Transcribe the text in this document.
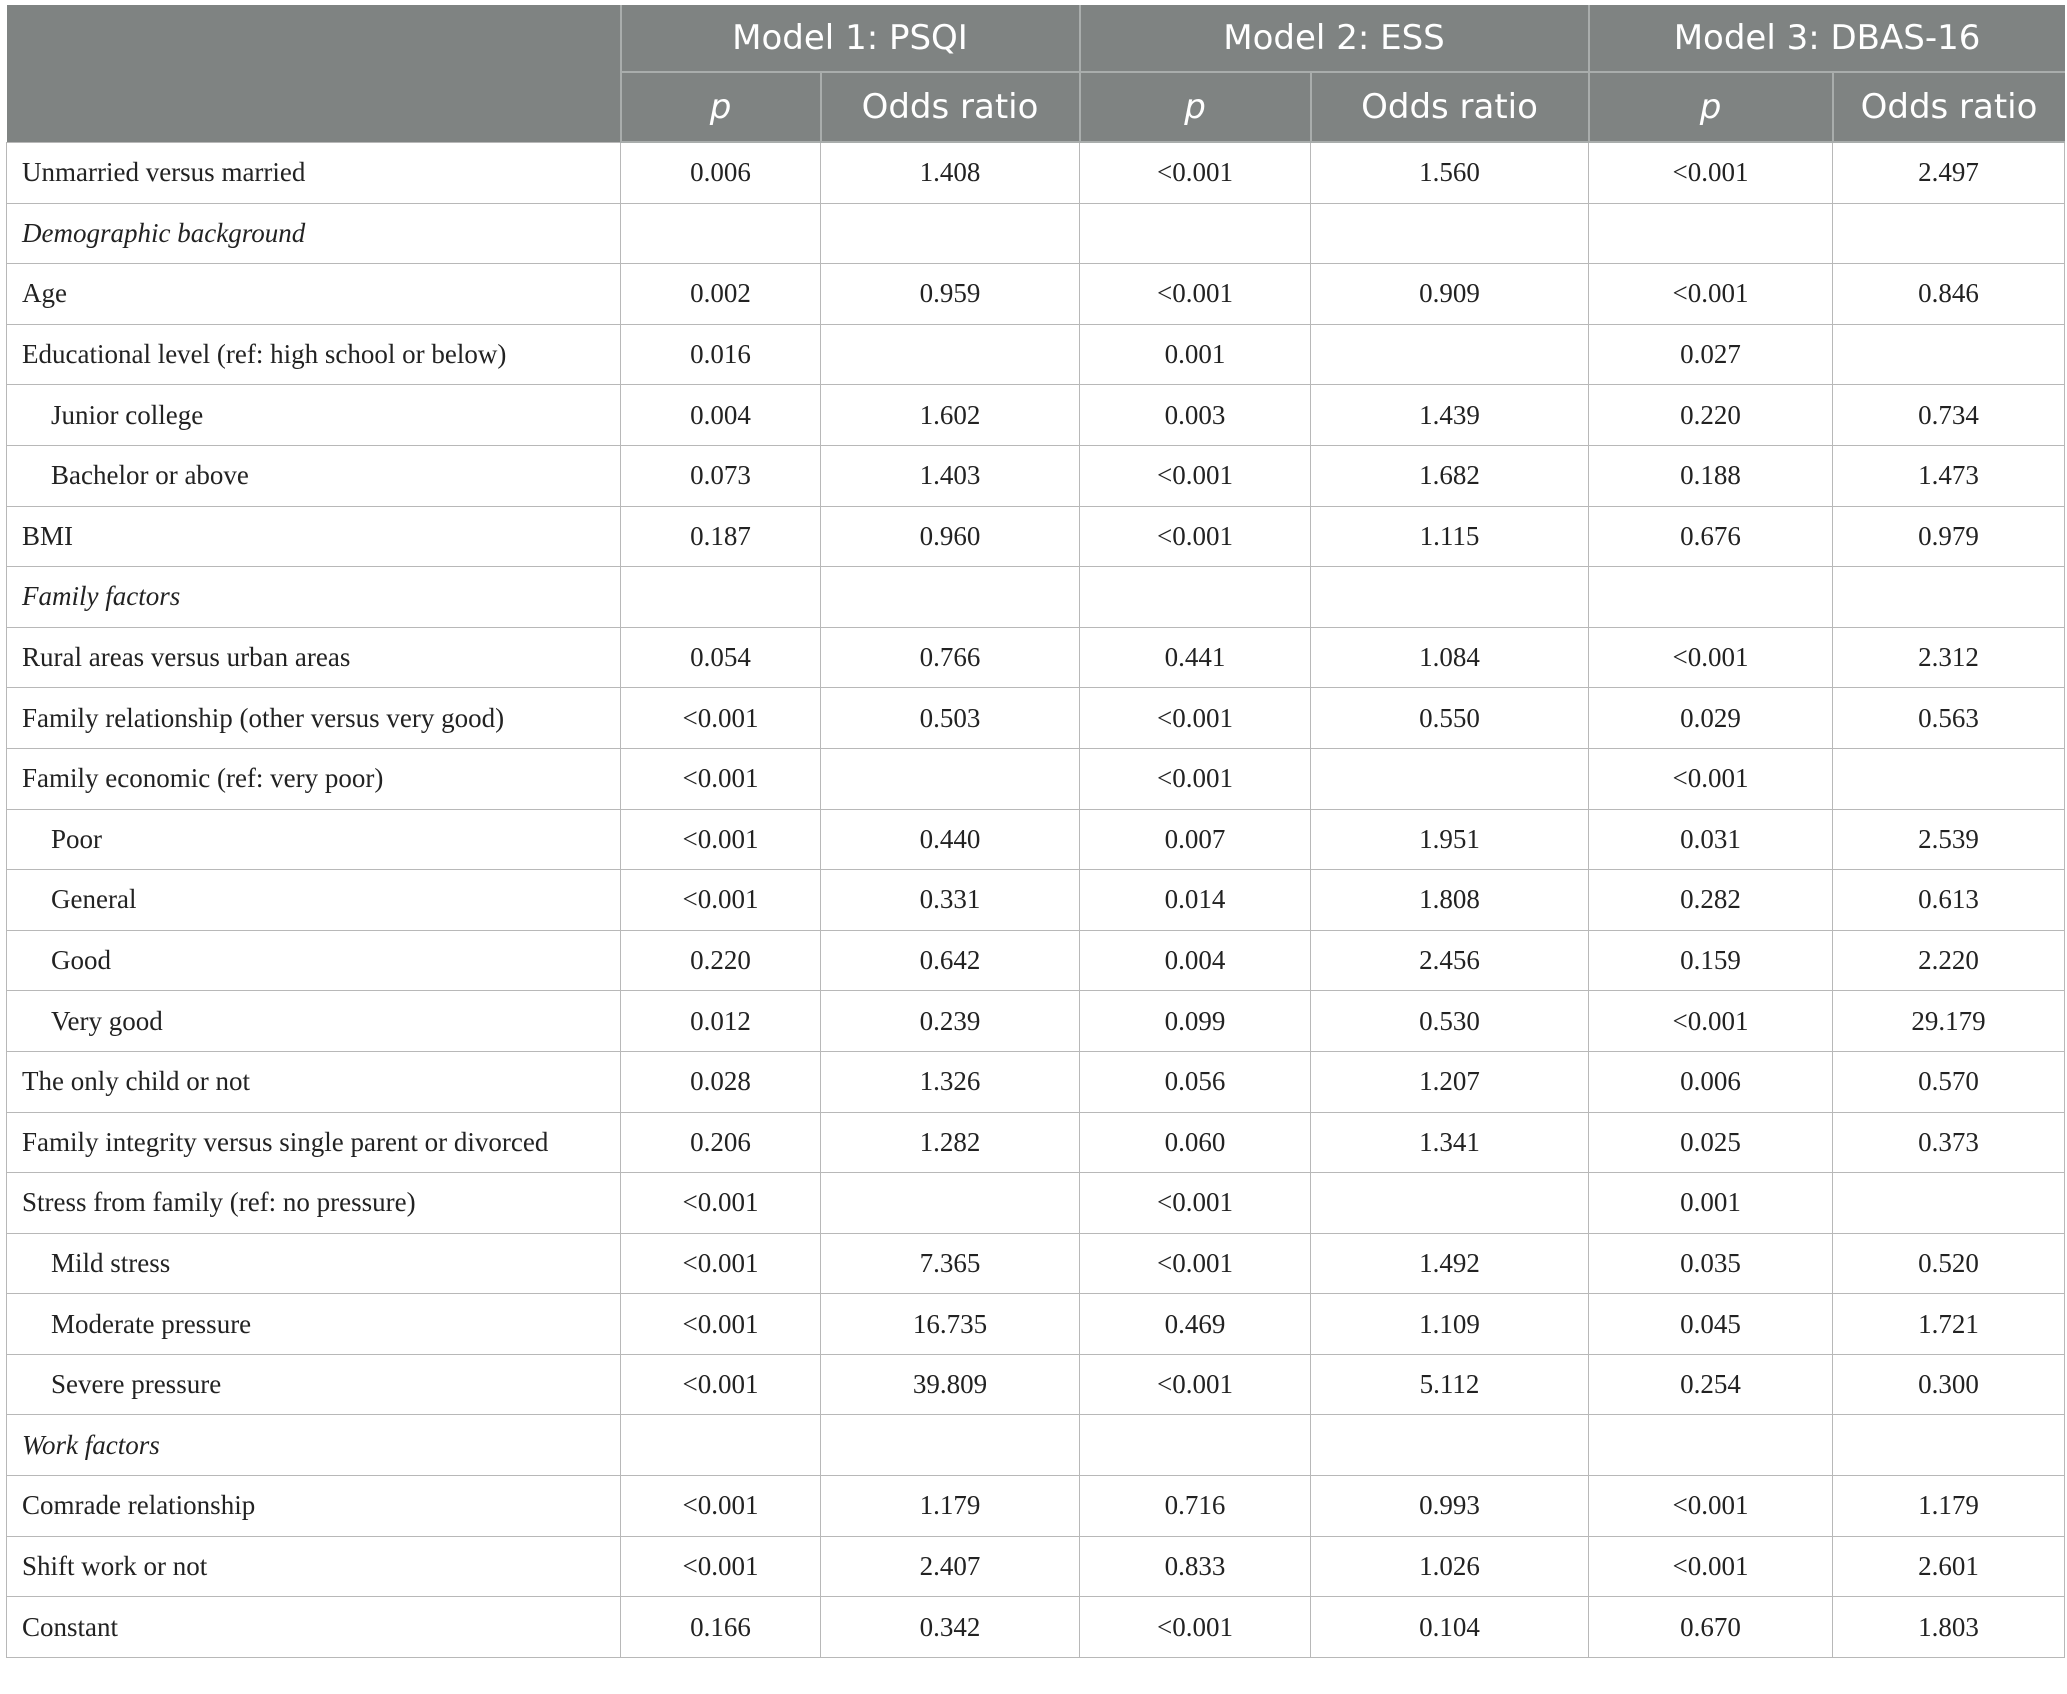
	Model 1: PSQI		Model 2: ESS		Model 3: DBAS-16	
	p	Odds ratio	p	Odds ratio	p	Odds ratio
Unmarried versus married	0.006	1.408	<0.001	1.560	<0.001	2.497
Demographic background						
Age	0.002	0.959	<0.001	0.909	<0.001	0.846
Educational level (ref: high school or below)	0.016		0.001		0.027	
Junior college	0.004	1.602	0.003	1.439	0.220	0.734
Bachelor or above	0.073	1.403	<0.001	1.682	0.188	1.473
BMI	0.187	0.960	<0.001	1.115	0.676	0.979
Family factors						
Rural areas versus urban areas	0.054	0.766	0.441	1.084	<0.001	2.312
Family relationship (other versus very good)	<0.001	0.503	<0.001	0.550	0.029	0.563
Family economic (ref: very poor)	<0.001		<0.001		<0.001	
Poor	<0.001	0.440	0.007	1.951	0.031	2.539
General	<0.001	0.331	0.014	1.808	0.282	0.613
Good	0.220	0.642	0.004	2.456	0.159	2.220
Very good	0.012	0.239	0.099	0.530	<0.001	29.179
The only child or not	0.028	1.326	0.056	1.207	0.006	0.570
Family integrity versus single parent or divorced	0.206	1.282	0.060	1.341	0.025	0.373
Stress from family (ref: no pressure)	<0.001		<0.001		0.001	
Mild stress	<0.001	7.365	<0.001	1.492	0.035	0.520
Moderate pressure	<0.001	16.735	0.469	1.109	0.045	1.721
Severe pressure	<0.001	39.809	<0.001	5.112	0.254	0.300
Work factors						
Comrade relationship	<0.001	1.179	0.716	0.993	<0.001	1.179
Shift work or not	<0.001	2.407	0.833	1.026	<0.001	2.601
Constant	0.166	0.342	<0.001	0.104	0.670	1.803
